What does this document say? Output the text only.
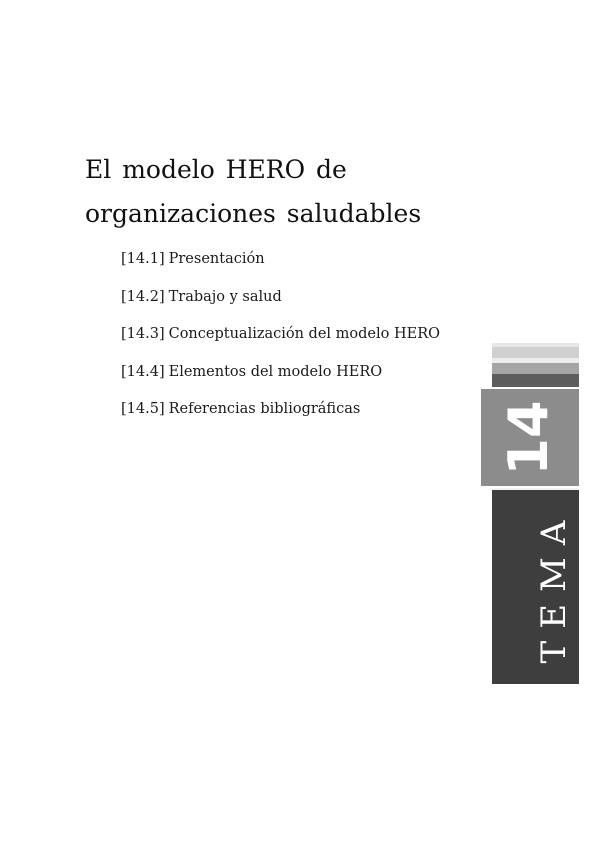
El modelo HERO de organizaciones saludables
[14.1] Presentación
[14.2] Trabajo y salud
[14.3] Conceptualización del modelo HERO
[14.4] Elementos del modelo HERO
[14.5] Referencias bibliográficas	14
TEMA
